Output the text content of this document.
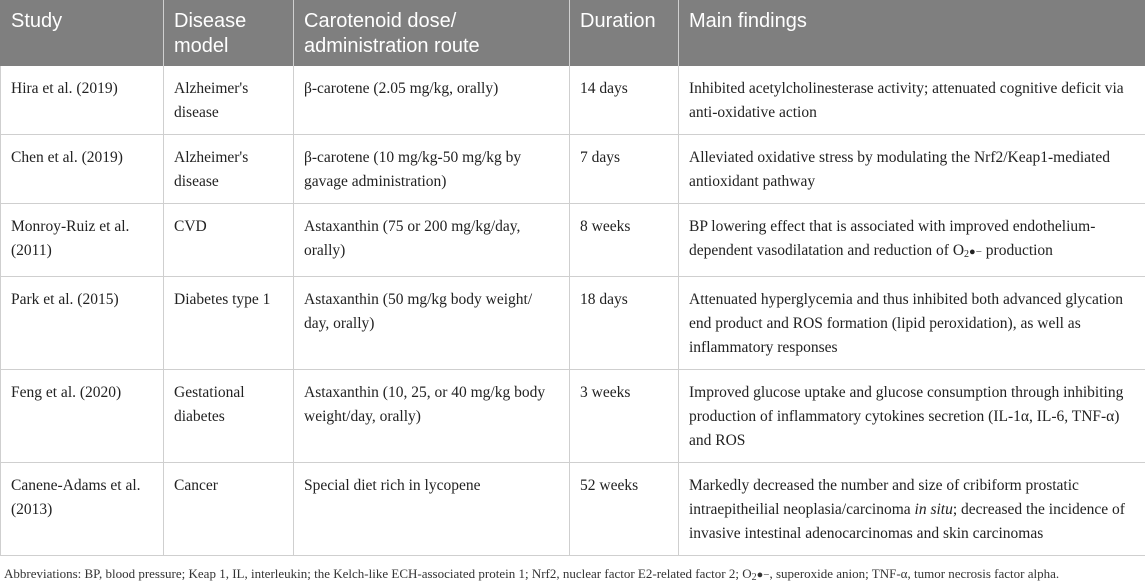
Study	Disease model	Carotenoid dose/ administration route	Duration	Main findings
Hira et al. (2019)	Alzheimer's disease	β-carotene (2.05 mg/kg, orally)	14 days	Inhibited acetylcholinesterase activity; attenuated cognitive deficit via anti-oxidative action
Chen et al. (2019)	Alzheimer's disease	β-carotene (10 mg/kg-50 mg/kg by gavage administration)	7 days	Alleviated oxidative stress by modulating the Nrf2/Keap1-mediated antioxidant pathway
Monroy-Ruiz et al. (2011)	CVD	Astaxanthin (75 or 200 mg/kg/day, orally)	8 weeks	BP lowering effect that is associated with improved endothelium-dependent vasodilatation and reduction of $O_2●-$ production
Park et al. (2015)	Diabetes type 1	Astaxanthin (50 mg/kg body weight/ day, orally)	18 days	Attenuated hyperglycemia and thus inhibited both advanced glycation end product and ROS formation (lipid peroxidation), as well as inflammatory responses
Feng et al. (2020)	Gestational diabetes	Astaxanthin (10, 25, or 40 mg/kg body weight/day, orally)	3 weeks	Improved glucose uptake and glucose consumption through inhibiting production of inflammatory cytokines secretion (IL-1α, IL-6, TNF-α) and ROS
Canene-Adams et al. (2013)	Cancer	Special diet rich in lycopene	52 weeks	Markedly decreased the number and size of cribiform prostatic intraepitheilial neoplasia/carcinoma in situ; decreased the incidence of invasive intestinal adenocarcinomas and skin carcinomas
Abbreviations: BP, blood pressure; Keap 1, IL, interleukin; the Kelch-like ECH-associated protein 1; Nrf2, nuclear factor E2-related factor 2; $O_2●-$, superoxide anion; TNF-α, tumor necrosis factor alpha.
